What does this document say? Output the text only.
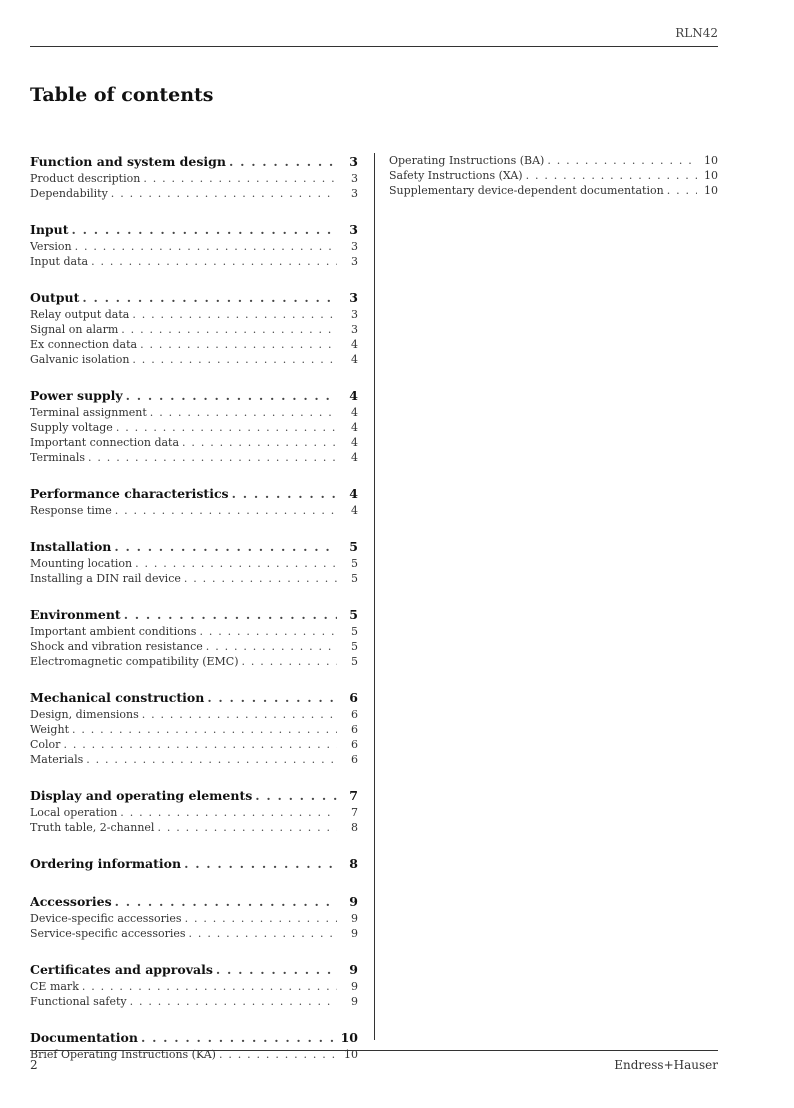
RLN42
Table of contents
Function and system design . . .	3
Product description . . .	3
Dependability . . .	3
Input . . .	3
Version . . .	3
Input data . . .	3
Output . . .	3
Relay output data . . .	3
Signal on alarm . . .	3
Ex connection data . . .	4
Galvanic isolation . . .	4
Power supply . . .	4
Terminal assignment . . .	4
Supply voltage . . .	4
Important connection data . . .	4
Terminals . . .	4
Performance characteristics . . .	4
Response time . . .	4
Installation . . .	5
Mounting location . . .	5
Installing a DIN rail device . . .	5
Environment . . .	5
Important ambient conditions . . .	5
Shock and vibration resistance . . .	5
Electromagnetic compatibility (EMC) . . .	5
Mechanical construction . . .	6
Design, dimensions . . .	6
Weight . . .	6
Color . . .	6
Materials . . .	6
Display and operating elements . . .	7
Local operation . . .	7
Truth table, 2-channel . . .	8
Ordering information . . .	8
Accessories . . .	9
Device-specific accessories . . .	9
Service-specific accessories . . .	9
Certificates and approvals . . .	9
CE mark . . .	9
Functional safety . . .	9
Documentation . . .	10
Brief Operating Instructions (KA) . . .	10
Operating Instructions (BA) . . .	10
Safety Instructions (XA) . . .	10
Supplementary device-dependent documentation . . .	10
2	Endress+Hauser
